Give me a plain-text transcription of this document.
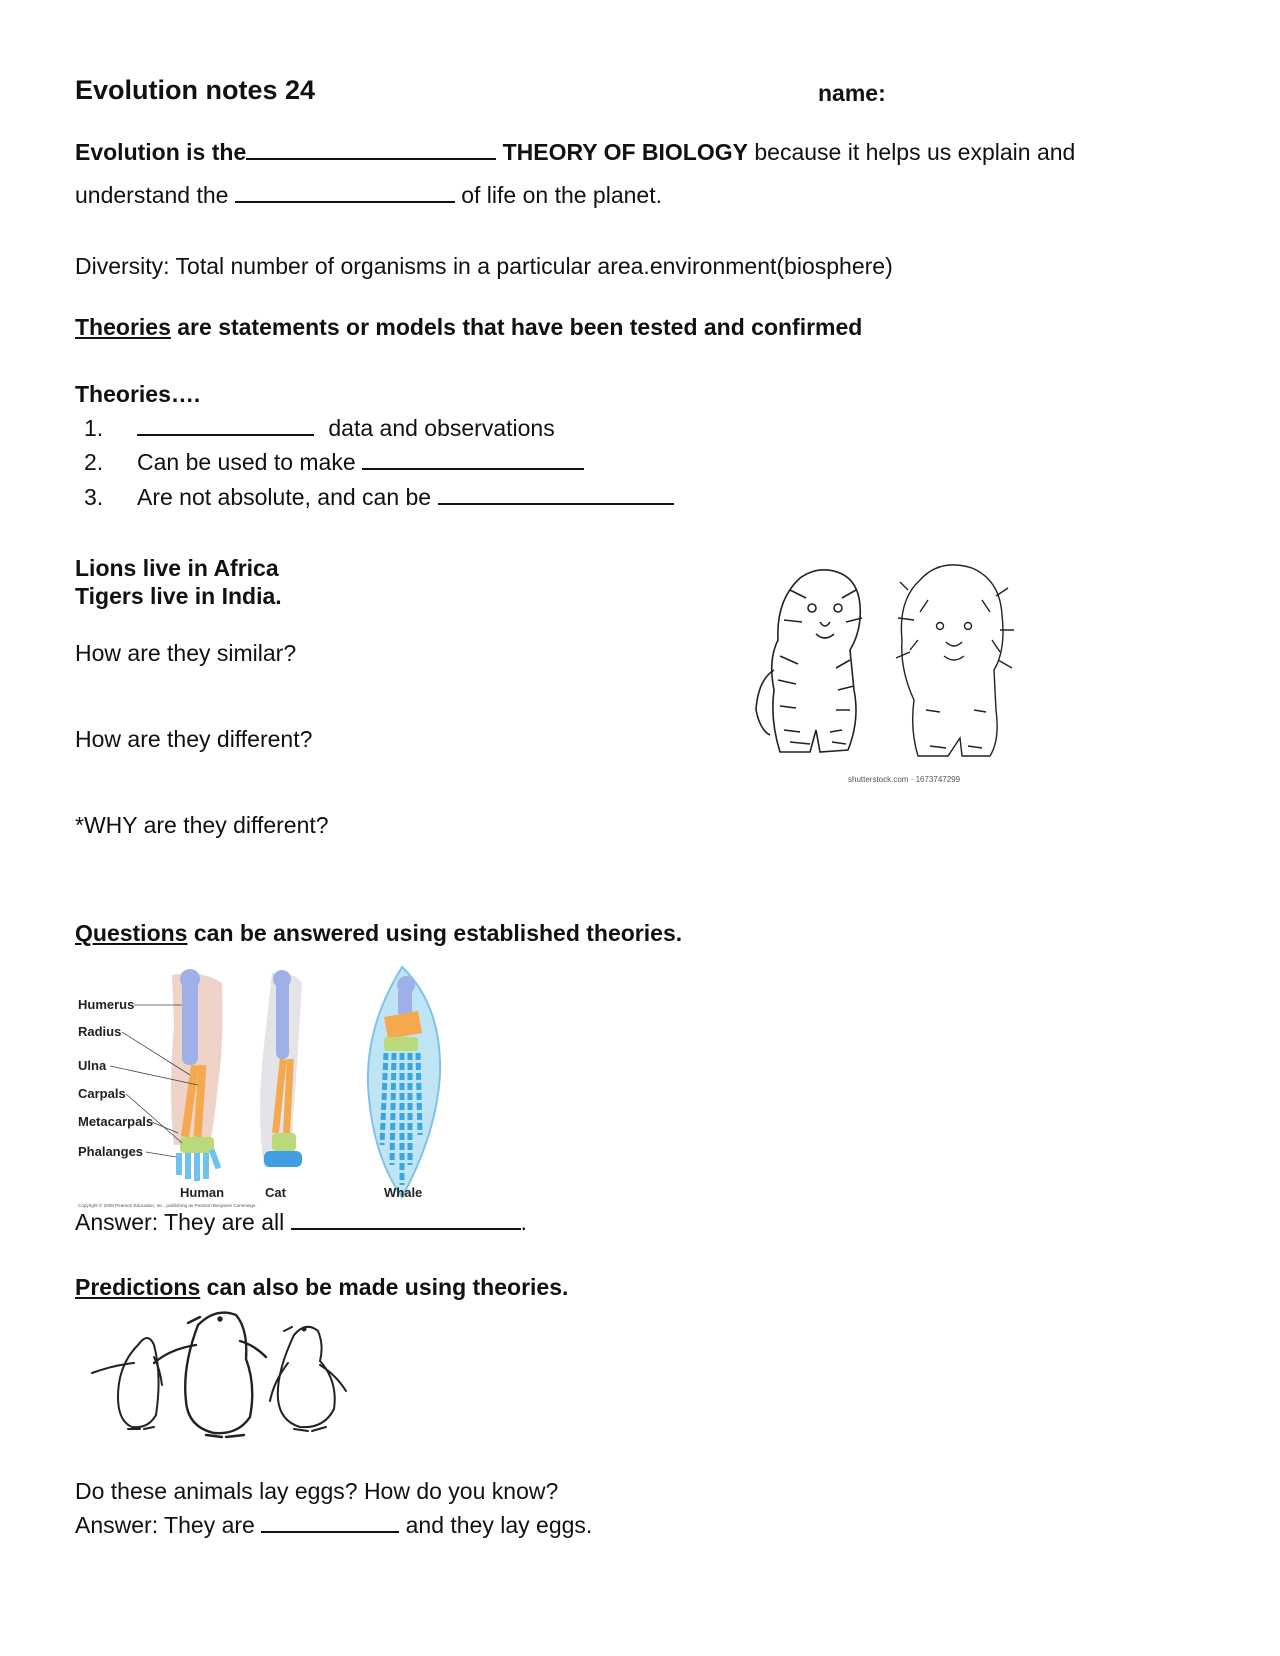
Evolution notes 24	name:
Evolution is the	THEORY OF BIOLOGY because it helps us explain and
understand the	of life on the planet.
Diversity: Total number of organisms in a particular area.environment(biosphere)
Theories are statements or models that have been tested and confirmed
Theories….
1.	data and observations
2. Can be used to make
3. Are not absolute, and can be
Lions live in Africa
Tigers live in India.
How are they similar?
How are they different?
*WHY are they different?
shutterstock.com · 1673747299
Questions can be answered using established theories.
Humerus
Radius
Ulna
Carpals
Metacarpals
Phalanges
Human	Cat	Whale
Copyright © 2008 Pearson Education, Inc., publishing as Pearson Benjamin Cummings.
Answer: They are all	.
Predictions can also be made using theories.
Do these animals lay eggs? How do you know?
Answer: They are	and they lay eggs.
